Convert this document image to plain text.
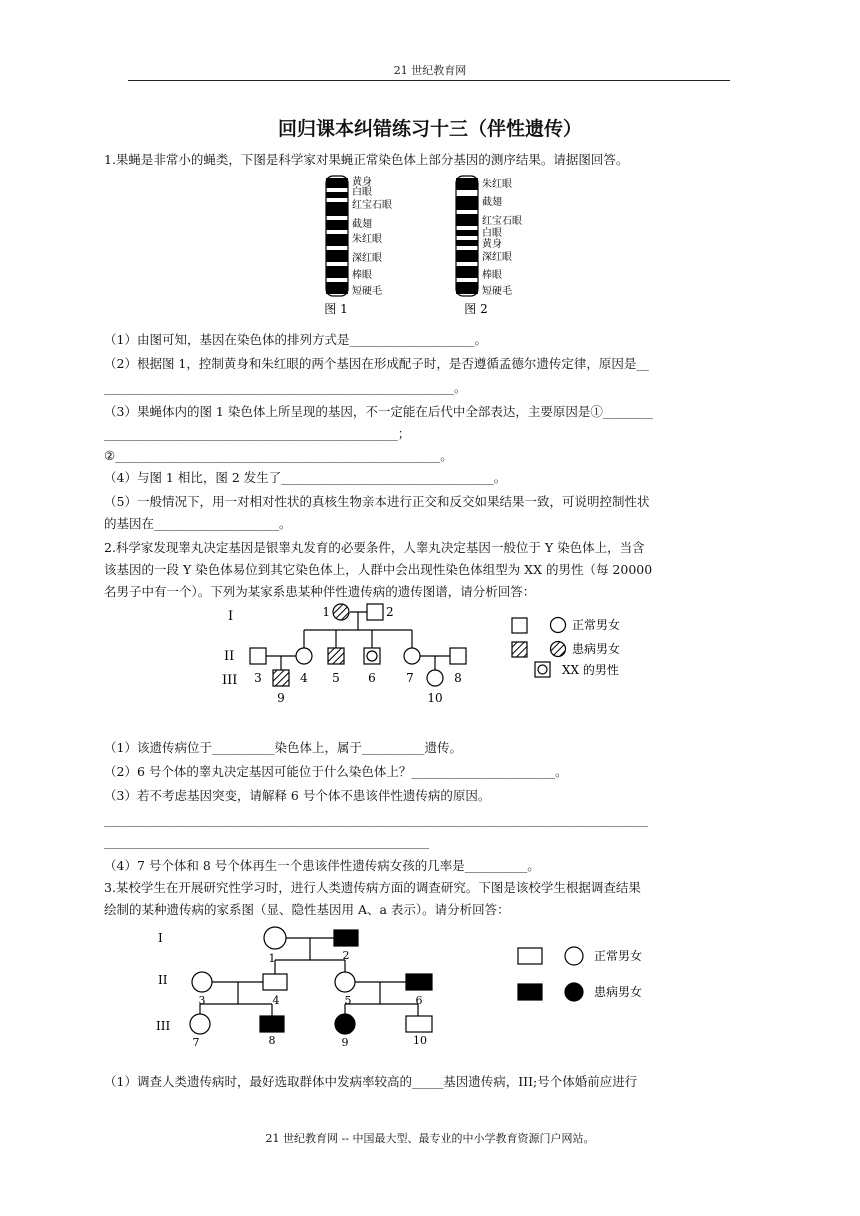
21 世纪教育网
回归课本纠错练习十三（伴性遗传）
1.果蝇是非常小的蝇类，下图是科学家对果蝇正常染色体上部分基因的测序结果。请据图回答。
黄身
白眼
红宝石眼
截翅
朱红眼
深红眼
棒眼
短硬毛
图 1
朱红眼
截翅
红宝石眼
白眼
黄身
深红眼
棒眼
短硬毛
图 2
（1）由图可知，基因在染色体的排列方式是____________________。
（2）根据图 1，控制黄身和朱红眼的两个基因在形成配子时，是否遵循孟德尔遗传定律，原因是__
________________________________________________________。
（3）果蝇体内的图 1 染色体上所呈现的基因，不一定能在后代中全部表达，主要原因是①________
_______________________________________________；
②____________________________________________________。
（4）与图 1 相比，图 2 发生了__________________________________。
（5）一般情况下，用一对相对性状的真核生物亲本进行正交和反交如果结果一致，可说明控制性状
的基因在____________________。
2.科学家发现睾丸决定基因是银睾丸发育的必要条件，人睾丸决定基因一般位于 Y 染色体上，当含
该基因的一段 Y 染色体易位到其它染色体上，人群中会出现性染色体组型为 XX 的男性（每 20000
名男子中有一个）。下列为某家系患某种伴性遗传病的遗传图谱，请分析回答：
I
II
III
1	2
3	4 5 6	7	8
9	10
正常男女
患病男女
XX 的男性
（1）该遗传病位于__________染色体上，属于__________遗传。
（2）6 号个体的睾丸决定基因可能位于什么染色体上？_______________________。
（3）若不考虑基因突变，请解释 6 号个体不患该伴性遗传病的原因。
_______________________________________________________________________________________
____________________________________________________
（4）7 号个体和 8 号个体再生一个患该伴性遗传病女孩的几率是__________。
3.某校学生在开展研究性学习时，进行人类遗传病方面的调查研究。下图是该校学生根据调查结果
绘制的某种遗传病的家系图（显、隐性基因用 A、a 表示）。请分析回答：
I
II
III
1	2
3	4	5	6
7	8	9	10
正常男女
患病男女
（1）调查人类遗传病时，最好选取群体中发病率较高的_____基因遗传病，III;号个体婚前应进行
21 世纪教育网 -- 中国最大型、最专业的中小学教育资源门户网站。
